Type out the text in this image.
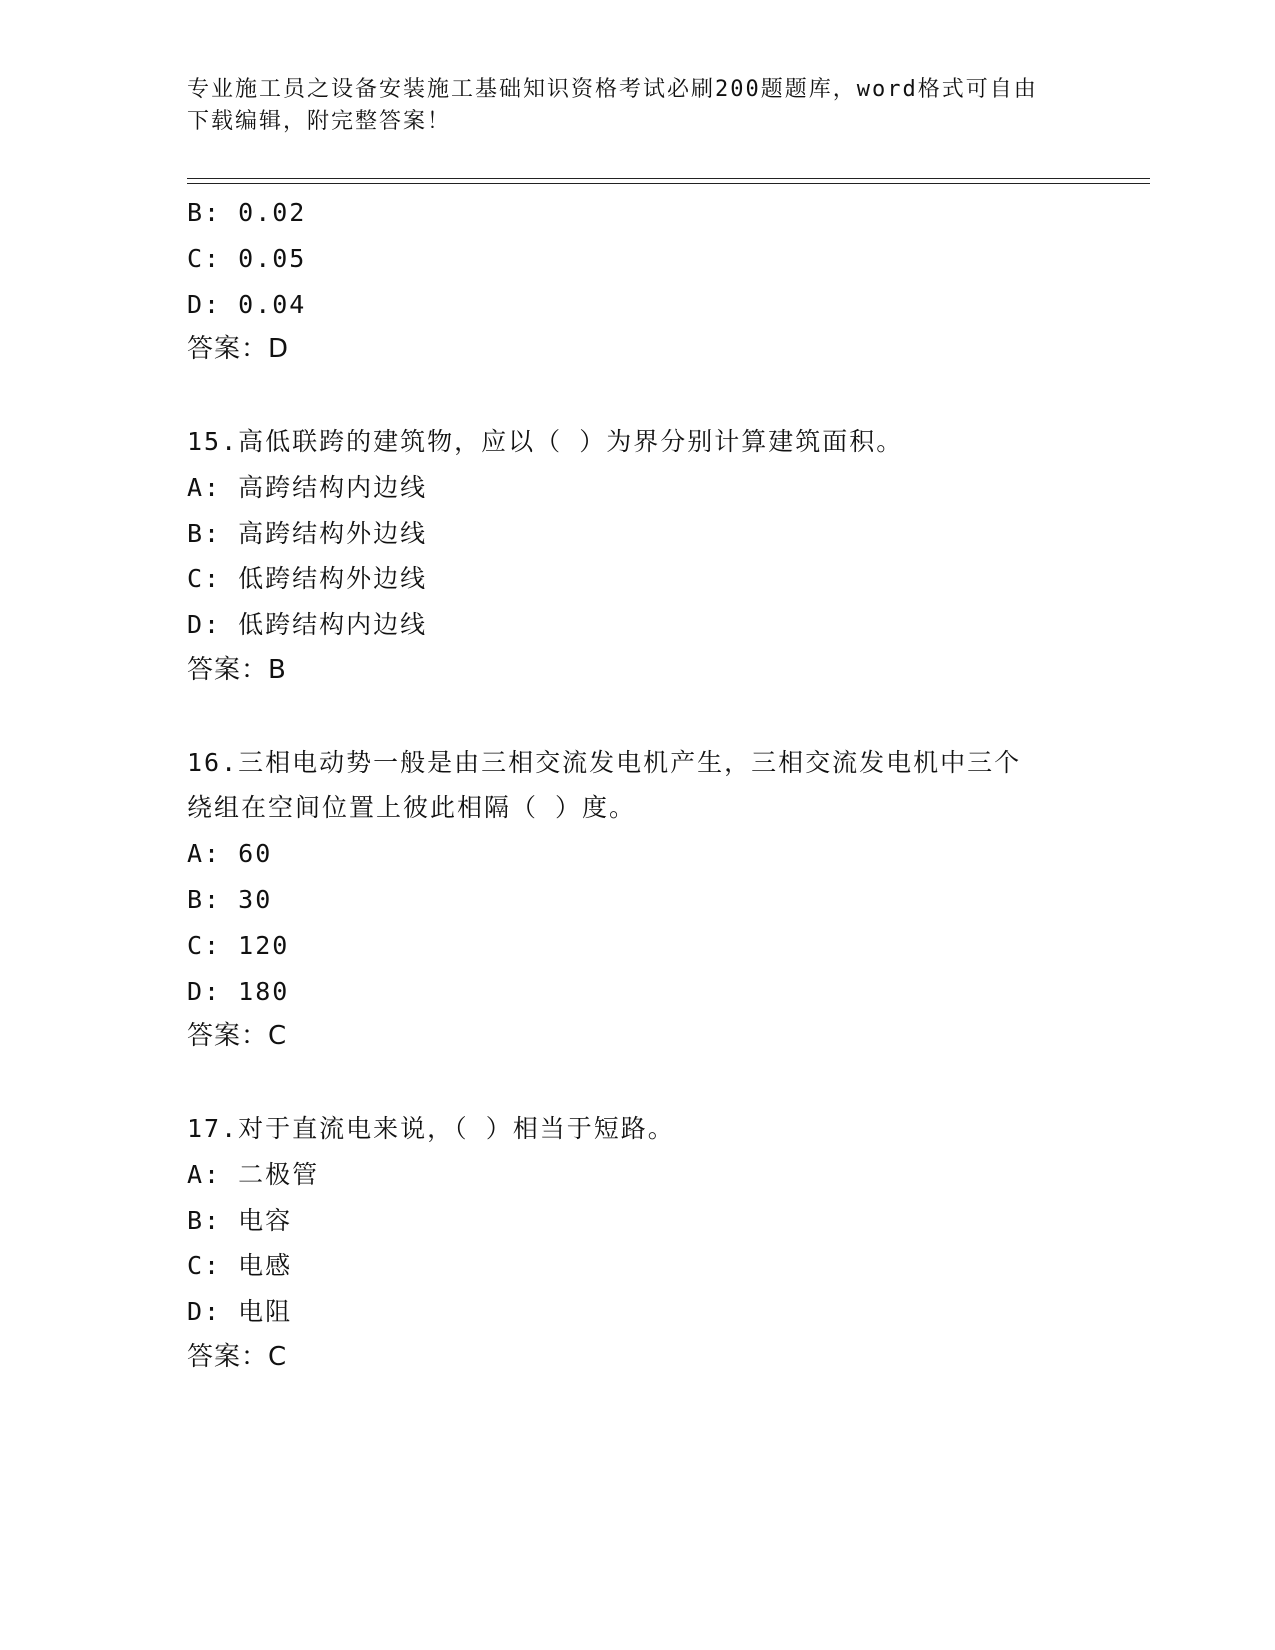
专业施工员之设备安装施工基础知识资格考试必刷200题题库，word格式可自由
下载编辑，附完整答案！
B: 0.02
C: 0.05
D: 0.04
答案：D
15.高低联跨的建筑物，应以（ ）为界分别计算建筑面积。
A: 高跨结构内边线
B: 高跨结构外边线
C: 低跨结构外边线
D: 低跨结构内边线
答案：B
16.三相电动势一般是由三相交流发电机产生，三相交流发电机中三个
绕组在空间位置上彼此相隔（ ）度。
A: 60
B: 30
C: 120
D: 180
答案：C
17.对于直流电来说，（ ）相当于短路。
A: 二极管
B: 电容
C: 电感
D: 电阻
答案：C
